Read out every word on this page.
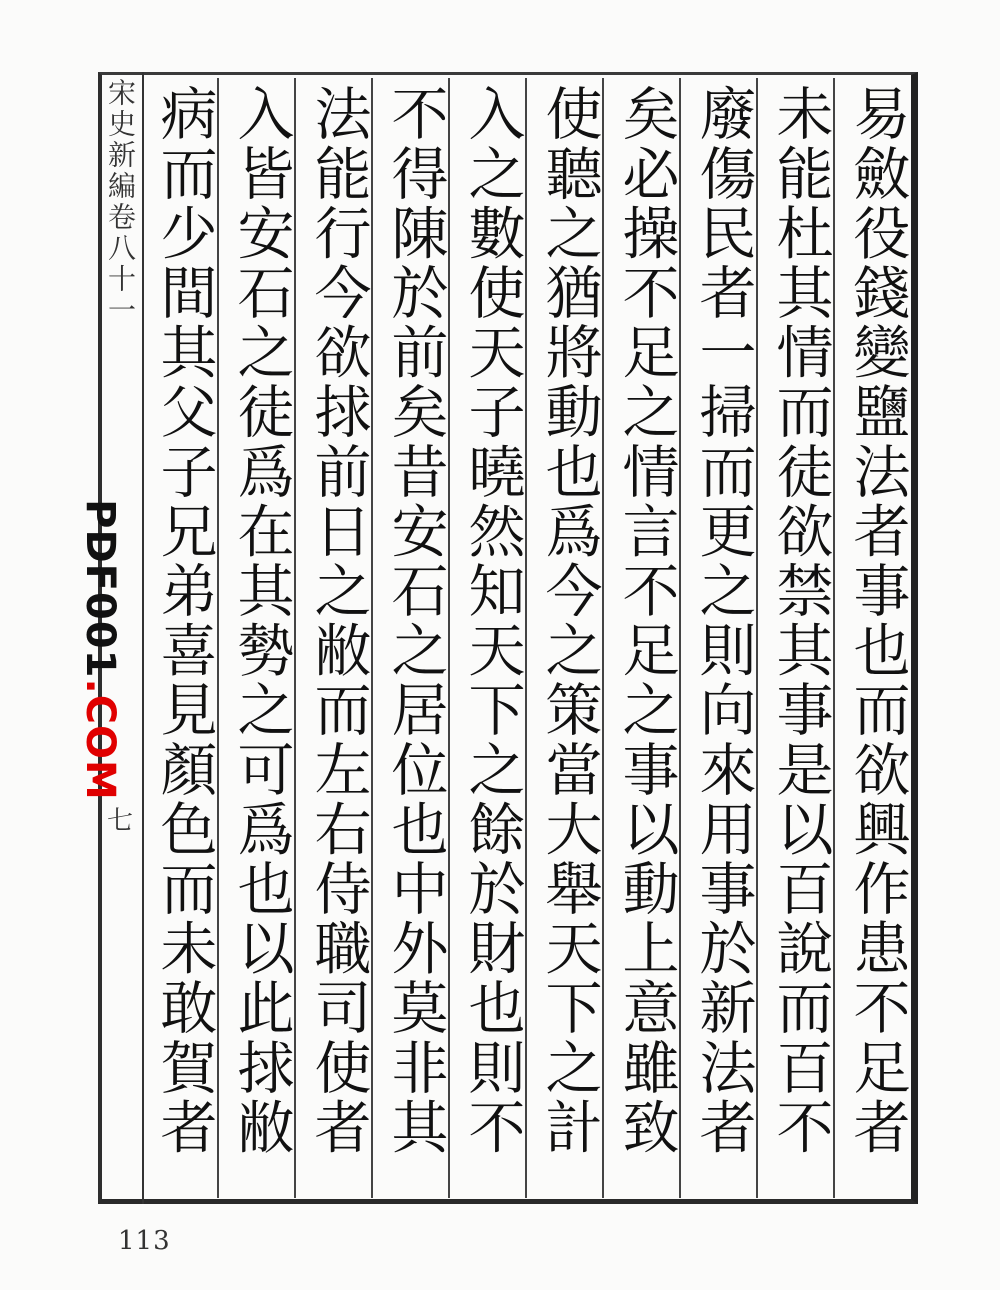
宋史新編卷八十一
七
易斂役錢變鹽法者事也而欲興作患不足者
未能杜其情而徒欲禁其事是以百說而百不
廢傷民者一掃而更之則向來用事於新法者
矣必操不足之情言不足之事以動上意雖致
使聽之猶將動也爲今之策當大舉天下之計
入之數使天子曉然知天下之餘於財也則不
不得陳於前矣昔安石之居位也中外莫非其
法能行今欲捄前日之敝而左右侍職司使者
入皆安石之徒爲在其勢之可爲也以此捄敝
病而少間其父子兄弟喜見顏色而未敢賀者
PDF001.COM
113
